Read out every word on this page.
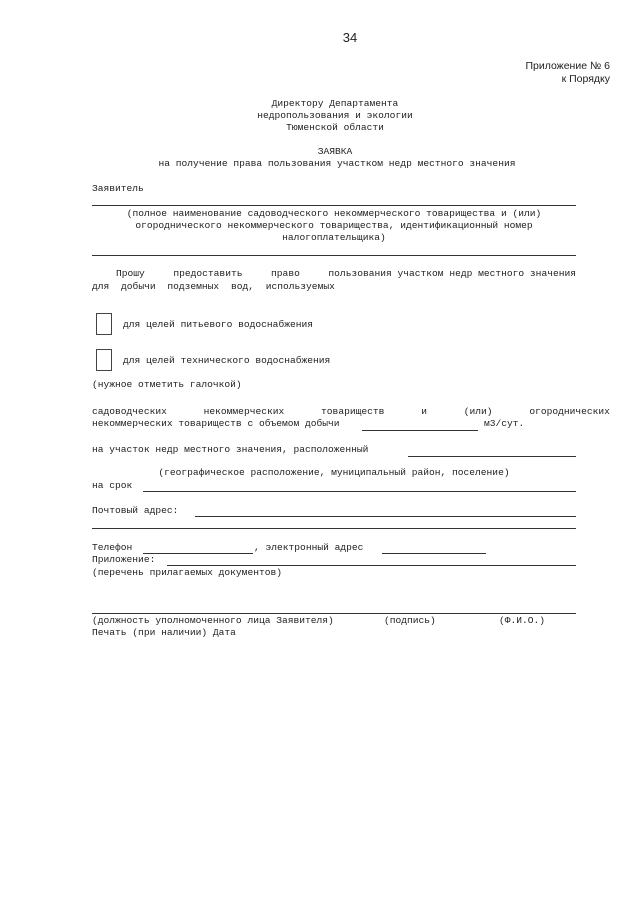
34
Приложение № 6
к Порядку
Директору Департамента
недропользования и экологии
Тюменской области
ЗАЯВКА
на получение права пользования участком недр местного значения
Заявитель
(полное наименование садоводческого некоммерческого товарищества и (или)
огороднического некоммерческого товарищества, идентификационный номер
налогоплательщика)
Прошу	предоставить	право	пользования участком недр местного значения
для добычи подземных вод, используемых
для целей питьевого водоснабжения
для целей технического водоснабжения
(нужное отметить галочкой)
садоводческих	некоммерческих	товариществ	и	(или)	огороднических
некоммерческих товариществ с объемом добычи	м3/сут.
на участок недр местного значения, расположенный
(географическое расположение, муниципальный район, поселение)
на срок
Почтовый адрес:
Телефон	, электронный адрес
Приложение:
(перечень прилагаемых документов)
(должность уполномоченного лица Заявителя)	(подпись)	(Ф.И.О.)
Печать (при наличии) Дата
